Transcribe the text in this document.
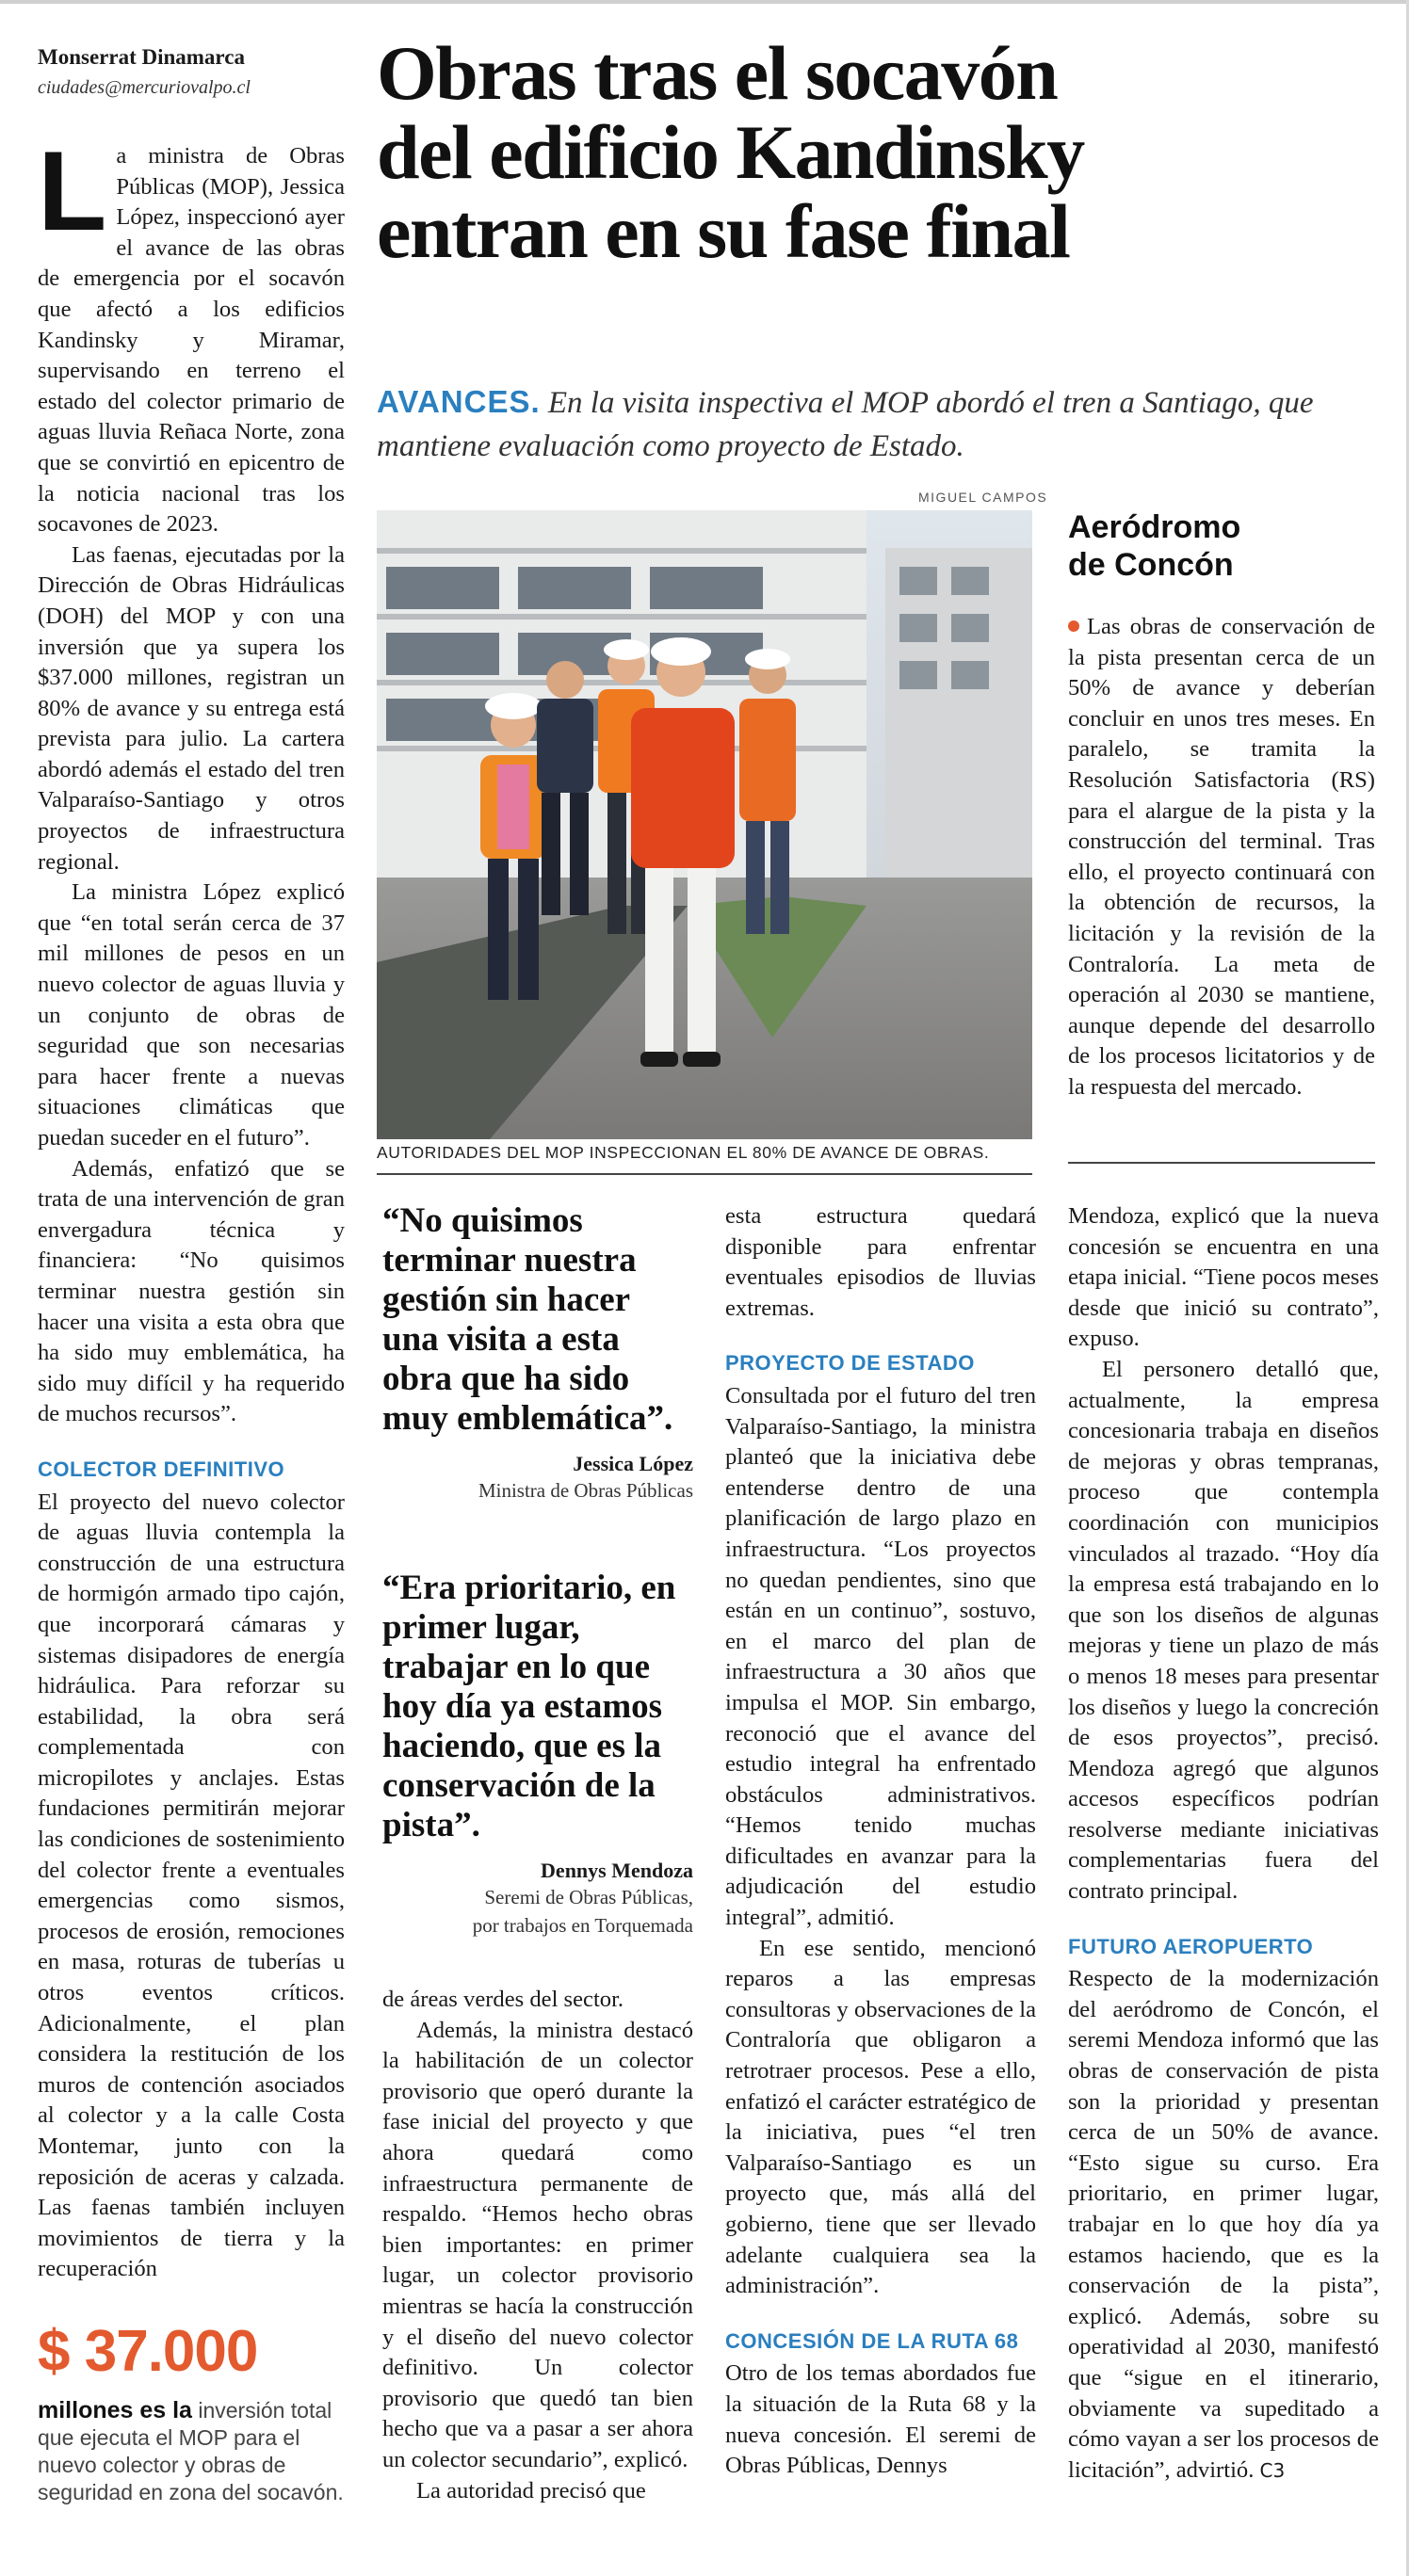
Monserrat Dinamarca
ciudades@mercuriovalpo.cl Obras tras el socavón
del edificio Kandinsky
entran en su fase final
AVANCES. En la visita inspectiva el MOP abordó el tren a Santiago, que mantiene evaluación como proyecto de Estado.
MIGUEL CAMPOS
AUTORIDADES DEL MOP INSPECCIONAN EL 80% DE AVANCE DE OBRAS.

La ministra de Obras Públicas (MOP), Jessica López, inspeccionó ayer el avance de las obras de emergencia por el socavón que afectó a los edificios Kandinsky y Miramar, supervisando en terreno el estado del colector primario de aguas lluvia Reñaca Norte, zona que se convirtió en epicentro de la noticia nacional tras los socavones de 2023.

Las faenas, ejecutadas por la Dirección de Obras Hidráulicas (DOH) del MOP y con una inversión que ya supera los $37.000 millones, registran un 80% de avance y su entrega está prevista para julio. La cartera abordó además el estado del tren Valparaíso-Santiago y otros proyectos de infraestructura regional.

La ministra López explicó que “en total serán cerca de 37 mil millones de pesos en un nuevo colector de aguas lluvia y un conjunto de obras de seguridad que son necesarias para hacer frente a nuevas situaciones climáticas que puedan suceder en el futuro”.

Además, enfatizó que se trata de una intervención de gran envergadura técnica y financiera: “No quisimos terminar nuestra gestión sin hacer una visita a esta obra que ha sido muy emblemática, ha sido muy difícil y ha requerido de muchos recursos”.

COLECTOR DEFINITIVO

El proyecto del nuevo colector de aguas lluvia contempla la construcción de una estructura de hormigón armado tipo cajón, que incorporará cámaras y sistemas disipadores de energía hidráulica. Para reforzar su estabilidad, la obra será complementada con micropilotes y anclajes. Estas fundaciones permitirán mejorar las condiciones de sostenimiento del colector frente a eventuales emergencias como sismos, procesos de erosión, remociones en masa, roturas de tuberías u otros eventos críticos. Adicionalmente, el plan considera la restitución de los muros de contención asociados al colector y a la calle Costa Montemar, junto con la reposición de aceras y calzada. Las faenas también incluyen movimientos de tierra y la recuperación

$ 37.000
millones es la inversión total que ejecuta el MOP para el nuevo colector y obras de seguridad en zona del socavón.
“No quisimos terminar nuestra gestión sin hacer una visita a esta obra que ha sido muy emblemática”.
Jessica López
Ministra de Obras Públicas
“Era prioritario, en primer lugar, trabajar en lo que hoy día ya estamos haciendo, que es la conservación de la pista”.
Dennys Mendoza
Seremi de Obras Públicas,
por trabajos en Torquemada

de áreas verdes del sector.

Además, la ministra destacó la habilitación de un colector provisorio que operó durante la fase inicial del proyecto y que ahora quedará como infraestructura permanente de respaldo. “Hemos hecho obras bien importantes: en primer lugar, un colector provisorio mientras se hacía la construcción y el diseño del nuevo colector definitivo. Un colector provisorio que quedó tan bien hecho que va a pasar a ser ahora un colector secundario”, explicó.

La autoridad precisó que

esta estructura quedará disponible para enfrentar eventuales episodios de lluvias extremas.

PROYECTO DE ESTADO

Consultada por el futuro del tren Valparaíso-Santiago, la ministra planteó que la iniciativa debe entenderse dentro de una planificación de largo plazo en infraestructura. “Los proyectos no quedan pendientes, sino que están en un continuo”, sostuvo, en el marco del plan de infraestructura a 30 años que impulsa el MOP. Sin embargo, reconoció que el avance del estudio integral ha enfrentado obstáculos administrativos. “Hemos tenido muchas dificultades en avanzar para la adjudicación del estudio integral”, admitió.

En ese sentido, mencionó reparos a las empresas consultoras y observaciones de la Contraloría que obligaron a retrotraer procesos. Pese a ello, enfatizó el carácter estratégico de la iniciativa, pues “el tren Valparaíso-Santiago es un proyecto que, más allá del gobierno, tiene que ser llevado adelante cualquiera sea la administración”.

CONCESIÓN DE LA RUTA 68

Otro de los temas abordados fue la situación de la Ruta 68 y la nueva concesión. El seremi de Obras Públicas, Dennys

Aeródromo
de Concón

Las obras de conservación de la pista presentan cerca de un 50% de avance y deberían concluir en unos tres meses. En paralelo, se tramita la Resolución Satisfactoria (RS) para el alargue de la pista y la construcción del terminal. Tras ello, el proyecto continuará con la obtención de recursos, la licitación y la revisión de la Contraloría. La meta de operación al 2030 se mantiene, aunque depende del desarrollo de los procesos licitatorios y de la respuesta del mercado.

Mendoza, explicó que la nueva concesión se encuentra en una etapa inicial. “Tiene pocos meses desde que inició su contrato”, expuso.

El personero detalló que, actualmente, la empresa concesionaria trabaja en diseños de mejoras y obras tempranas, proceso que contempla coordinación con municipios vinculados al trazado. “Hoy día la empresa está trabajando en lo que son los diseños de algunas mejoras y tiene un plazo de más o menos 18 meses para presentar los diseños y luego la concreción de esos proyectos”, precisó. Mendoza agregó que algunos accesos específicos podrían resolverse mediante iniciativas complementarias fuera del contrato principal.

FUTURO AEROPUERTO

Respecto de la modernización del aeródromo de Concón, el seremi Mendoza informó que las obras de conservación de pista son la prioridad y presentan cerca de un 50% de avance. “Esto sigue su curso. Era prioritario, en primer lugar, trabajar en lo que hoy día ya estamos haciendo, que es la conservación de la pista”, explicó. Además, sobre su operatividad al 2030, manifestó que “sigue en el itinerario, obviamente va supeditado a cómo vayan a ser los procesos de licitación”, advirtió. C3
